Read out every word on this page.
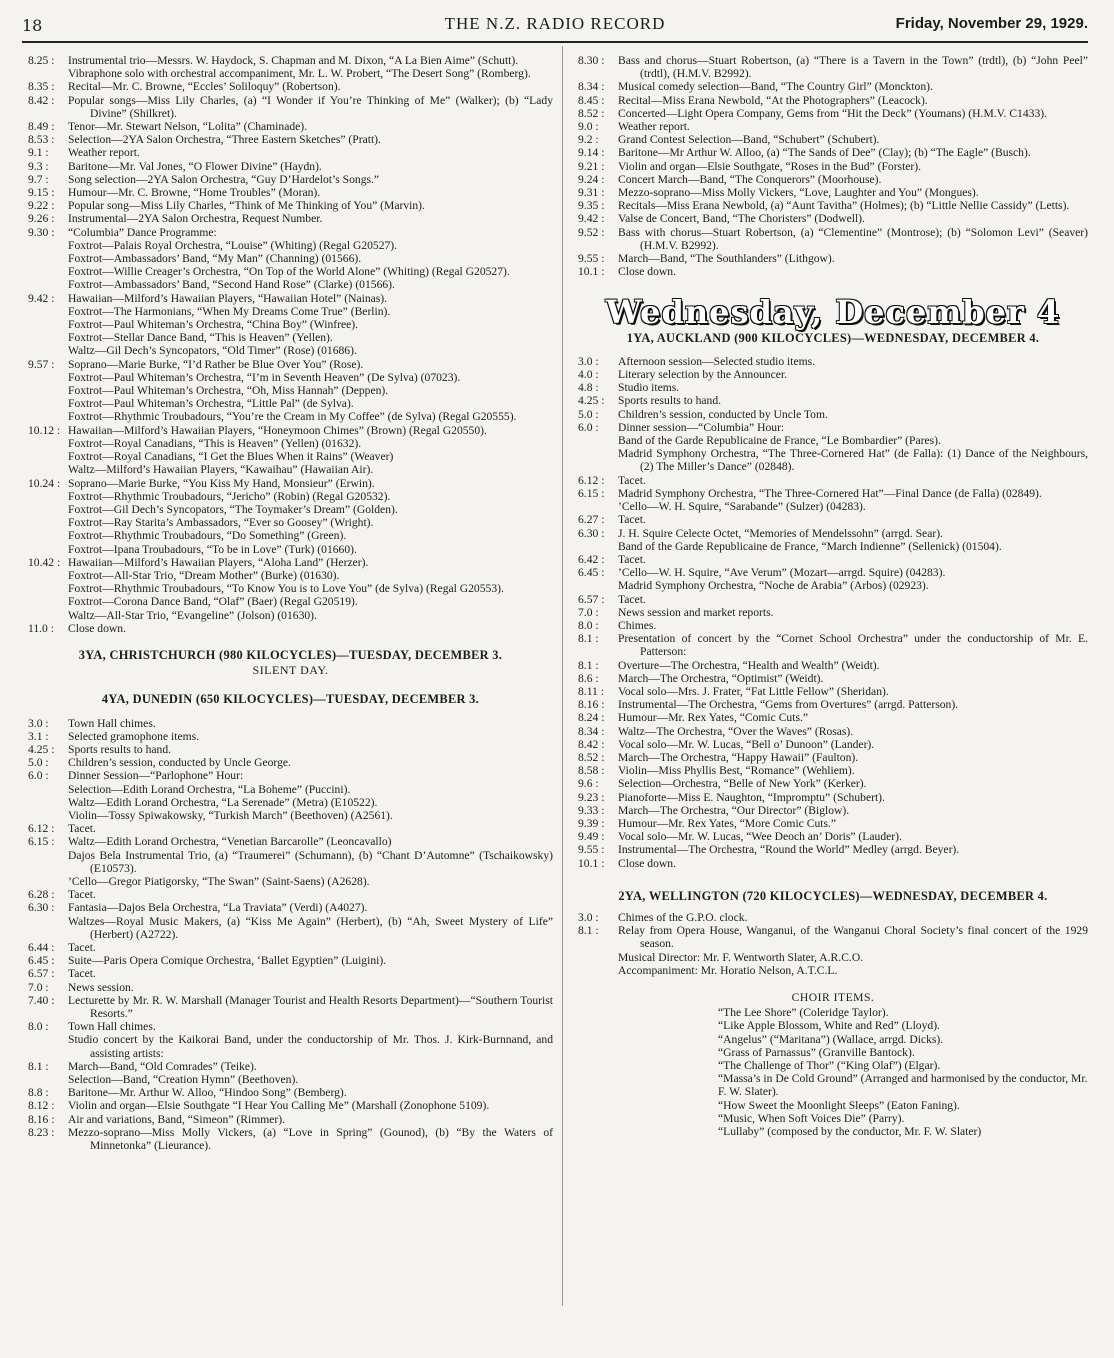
18	THE N.Z. RADIO RECORD	Friday, November 29, 1929.
8.25 :	Instrumental trio—Messrs. W. Haydock, S. Chapman and M. Dixon, “A La Bien Aime” (Schutt).
Vibraphone solo with orchestral accompaniment, Mr. L. W. Probert, “The Desert Song” (Romberg).
8.35 :	Recital—Mr. C. Browne, “Eccles’ Soliloquy” (Robertson).
8.42 :	Popular songs—Miss Lily Charles, (a) “I Wonder if You’re Thinking of Me” (Walker); (b) “Lady Divine” (Shilkret).
8.49 :	Tenor—Mr. Stewart Nelson, “Lolita” (Chaminade).
8.53 :	Selection—2YA Salon Orchestra, “Three Eastern Sketches” (Pratt).
9.1 :	Weather report.
9.3 :	Baritone—Mr. Val Jones, “O Flower Divine” (Haydn).
9.7 :	Song selection—2YA Salon Orchestra, “Guy D’Hardelot’s Songs.”
9.15 :	Humour—Mr. C. Browne, “Home Troubles” (Moran).
9.22 :	Popular song—Miss Lily Charles, “Think of Me Thinking of You” (Marvin).
9.26 :	Instrumental—2YA Salon Orchestra, Request Number.
9.30 :	“Columbia” Dance Programme:
Foxtrot—Palais Royal Orchestra, “Louise” (Whiting) (Regal G20527).
Foxtrot—Ambassadors’ Band, “My Man” (Channing) (01566).
Foxtrot—Willie Creager’s Orchestra, “On Top of the World Alone” (Whiting) (Regal G20527).
Foxtrot—Ambassadors’ Band, “Second Hand Rose” (Clarke) (01566).
9.42 :	Hawaiian—Milford’s Hawaiian Players, “Hawaiian Hotel” (Nainas).
Foxtrot—The Harmonians, “When My Dreams Come True” (Berlin).
Foxtrot—Paul Whiteman’s Orchestra, “China Boy” (Winfree).
Foxtrot—Stellar Dance Band, “This is Heaven” (Yellen).
Waltz—Gil Dech’s Syncopators, “Old Timer” (Rose) (01686).
9.57 :	Soprano—Marie Burke, “I’d Rather be Blue Over You” (Rose).
Foxtrot—Paul Whiteman’s Orchestra, “I’m in Seventh Heaven” (De Sylva) (07023).
Foxtrot—Paul Whiteman’s Orchestra, “Oh, Miss Hannah” (Deppen).
Foxtrot—Paul Whiteman’s Orchestra, “Little Pal” (de Sylva).
Foxtrot—Rhythmic Troubadours, “You’re the Cream in My Coffee” (de Sylva) (Regal G20555).
10.12 : Hawaiian—Milford’s Hawaiian Players, “Honeymoon Chimes” (Brown) (Regal G20550).
Foxtrot—Royal Canadians, “This is Heaven” (Yellen) (01632).
Foxtrot—Royal Canadians, “I Get the Blues When it Rains” (Weaver)
Waltz—Milford’s Hawaiian Players, “Kawaihau” (Hawaiian Air).
10.24 : Soprano—Marie Burke, “You Kiss My Hand, Monsieur” (Erwin).
Foxtrot—Rhythmic Troubadours, “Jericho” (Robin) (Regal G20532).
Foxtrot—Gil Dech’s Syncopators, “The Toymaker’s Dream” (Golden).
Foxtrot—Ray Starita’s Ambassadors, “Ever so Goosey” (Wright).
Foxtrot—Rhythmic Troubadours, “Do Something” (Green).
Foxtrot—Ipana Troubadours, “To be in Love” (Turk) (01660).
10.42 : Hawaiian—Milford’s Hawaiian Players, “Aloha Land” (Herzer).
Foxtrot—All-Star Trio, “Dream Mother” (Burke) (01630).
Foxtrot—Rhythmic Troubadours, “To Know You is to Love You” (de Sylva) (Regal G20553).
Foxtrot—Corona Dance Band, “Olaf” (Baer) (Regal G20519).
Waltz—All-Star Trio, “Evangeline” (Jolson) (01630).
11.0 :	Close down.
3YA, CHRISTCHURCH (980 KILOCYCLES)—TUESDAY, DECEMBER 3.
SILENT DAY.
4YA, DUNEDIN (650 KILOCYCLES)—TUESDAY, DECEMBER 3.
3.0 :	Town Hall chimes.
3.1 :	Selected gramophone items.
4.25 :	Sports results to hand.
5.0 :	Children’s session, conducted by Uncle George.
6.0 :	Dinner Session—“Parlophone” Hour:
Selection—Edith Lorand Orchestra, “La Boheme” (Puccini).
Waltz—Edith Lorand Orchestra, “La Serenade” (Metra) (E10522).
Violin—Tossy Spiwakowsky, “Turkish March” (Beethoven) (A2561).
6.12 :	Tacet.
6.15 :	Waltz—Edith Lorand Orchestra, “Venetian Barcarolle” (Leoncavallo)
Dajos Bela Instrumental Trio, (a) “Traumerei” (Schumann), (b) “Chant D’Automne” (Tschaikowsky) (E10573).
’Cello—Gregor Piatigorsky, “The Swan” (Saint-Saens) (A2628).
6.28 :	Tacet.
6.30 :	Fantasia—Dajos Bela Orchestra, “La Traviata” (Verdi) (A4027).
Waltzes—Royal Music Makers, (a) “Kiss Me Again” (Herbert), (b) “Ah, Sweet Mystery of Life” (Herbert) (A2722).
6.44 :	Tacet.
6.45 :	Suite—Paris Opera Comique Orchestra, ‘Ballet Egyptien” (Luigini).
6.57 :	Tacet.
7.0 :	News session.
7.40 :	Lecturette by Mr. R. W. Marshall (Manager Tourist and Health Resorts Department)—“Southern Tourist Resorts.”
8.0 :	Town Hall chimes.
Studio concert by the Kaikorai Band, under the conductorship of Mr. Thos. J. Kirk-Burnnand, and assisting artists:
8.1 :	March—Band, “Old Comrades” (Teike).
Selection—Band, “Creation Hymn” (Beethoven).
8.8 :	Baritone—Mr. Arthur W. Alloo, “Hindoo Song” (Bemberg).
8.12 :	Violin and organ—Elsie Southgate “I Hear You Calling Me” (Marshall (Zonophone 5109).
8.16 :	Air and variations, Band, “Simeon” (Rimmer).
8.23 :	Mezzo-soprano—Miss Molly Vickers, (a) “Love in Spring” (Gounod), (b) “By the Waters of Minnetonka” (Lieurance).
8.30 :	Bass and chorus—Stuart Robertson, (a) “There is a Tavern in the Town” (trdtl), (b) “John Peel” (trdtl), (H.M.V. B2992).
8.34 :	Musical comedy selection—Band, “The Country Girl” (Monckton).
8.45 :	Recital—Miss Erana Newbold, “At the Photographers” (Leacock).
8.52 :	Concerted—Light Opera Company, Gems from “Hit the Deck” (Youmans) (H.M.V. C1433).
9.0 :	Weather report.
9.2 :	Grand Contest Selection—Band, “Schubert” (Schubert).
9.14 :	Baritone—Mr Arthur W. Alloo, (a) “The Sands of Dee” (Clay); (b) “The Eagle” (Busch).
9.21 :	Violin and organ—Elsie Southgate, “Roses in the Bud” (Forster).
9.24 :	Concert March—Band, “The Conquerors” (Moorhouse).
9.31 :	Mezzo-soprano—Miss Molly Vickers, “Love, Laughter and You” (Mongues).
9.35 :	Recitals—Miss Erana Newbold, (a) “Aunt Tavitha” (Holmes); (b) “Little Nellie Cassidy” (Letts).
9.42 :	Valse de Concert, Band, “The Choristers” (Dodwell).
9.52 :	Bass with chorus—Stuart Robertson, (a) “Clementine” (Montrose); (b) “Solomon Levi” (Seaver) (H.M.V. B2992).
9.55 :	March—Band, “The Southlanders” (Lithgow).
10.1 :	Close down.
Wednesday, December 4
1YA, AUCKLAND (900 KILOCYCLES)—WEDNESDAY, DECEMBER 4.
3.0 :	Afternoon session—Selected studio items.
4.0 :	Literary selection by the Announcer.
4.8 :	Studio items.
4.25 :	Sports results to hand.
5.0 :	Children’s session, conducted by Uncle Tom.
6.0 :	Dinner session—“Columbia” Hour:
Band of the Garde Republicaine de France, “Le Bombardier” (Pares).
Madrid Symphony Orchestra, “The Three-Cornered Hat” (de Falla): (1) Dance of the Neighbours, (2) The Miller’s Dance” (02848).
6.12 :	Tacet.
6.15 :	Madrid Symphony Orchestra, “The Three-Cornered Hat”—Final Dance (de Falla) (02849).
’Cello—W. H. Squire, “Sarabande” (Sulzer) (04283).
6.27 :	Tacet.
6.30 :	J. H. Squire Celecte Octet, “Memories of Mendelssohn” (arrgd. Sear).
Band of the Garde Republicaine de France, “March Indienne” (Sellenick) (01504).
6.42 :	Tacet.
6.45 :	’Cello—W. H. Squire, “Ave Verum” (Mozart—arrgd. Squire) (04283).
Madrid Symphony Orchestra, “Noche de Arabia” (Arbos) (02923).
6.57 :	Tacet.
7.0 :	News session and market reports.
8.0 :	Chimes.
8.1 :	Presentation of concert by the “Cornet School Orchestra” under the conductorship of Mr. E. Patterson:
8.1 :	Overture—The Orchestra, “Health and Wealth” (Weidt).
8.6 :	March—The Orchestra, “Optimist” (Weidt).
8.11 :	Vocal solo—Mrs. J. Frater, “Fat Little Fellow” (Sheridan).
8.16 :	Instrumental—The Orchestra, “Gems from Overtures” (arrgd. Patterson).
8.24 :	Humour—Mr. Rex Yates, “Comic Cuts.”
8.34 :	Waltz—The Orchestra, “Over the Waves” (Rosas).
8.42 :	Vocal solo—Mr. W. Lucas, “Bell o’ Dunoon” (Lander).
8.52 :	March—The Orchestra, “Happy Hawaii” (Faulton).
8.58 :	Violin—Miss Phyllis Best, “Romance” (Wehliem).
9.6 :	Selection—Orchestra, “Belle of New York” (Kerker).
9.23 :	Pianoforte—Miss E. Naughton, “Impromptu” (Schubert).
9.33 :	March—The Orchestra, “Our Director” (Biglow).
9.39 :	Humour—Mr. Rex Yates, “More Comic Cuts.”
9.49 :	Vocal solo—Mr. W. Lucas, “Wee Deoch an’ Doris” (Lauder).
9.55 :	Instrumental—The Orchestra, “Round the World” Medley (arrgd. Beyer).
10.1 :	Close down.
2YA, WELLINGTON (720 KILOCYCLES)—WEDNESDAY, DECEMBER 4.
3.0 :	Chimes of the G.P.O. clock.
8.1 :	Relay from Opera House, Wanganui, of the Wanganui Choral Society’s final concert of the 1929 season.
Musical Director: Mr. F. Wentworth Slater, A.R.C.O.
Accompaniment: Mr. Horatio Nelson, A.T.C.L.
CHOIR ITEMS.
“The Lee Shore” (Coleridge Taylor).
“Like Apple Blossom, White and Red” (Lloyd).
“Angelus” (“Maritana”) (Wallace, arrgd. Dicks).
“Grass of Parnassus” (Granville Bantock).
“The Challenge of Thor” (“King Olaf”) (Elgar).
“Massa’s in De Cold Ground” (Arranged and harmonised by the conductor, Mr. F. W. Slater).
“How Sweet the Moonlight Sleeps” (Eaton Faning).
“Music, When Soft Voices Die” (Parry).
“Lullaby” (composed by the conductor, Mr. F. W. Slater)
